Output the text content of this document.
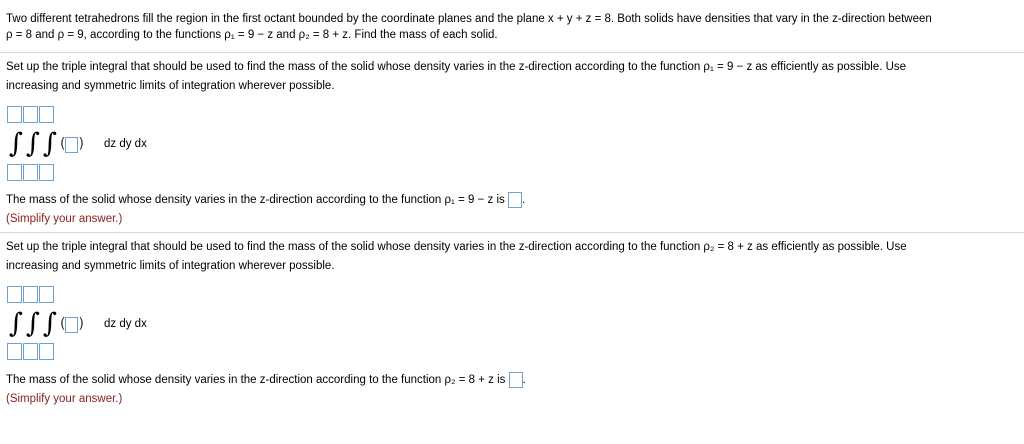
Two different tetrahedrons fill the region in the first octant bounded by the coordinate planes and the plane x + y + z = 8. Both solids have densities that vary in the z-direction between
ρ = 8 and ρ = 9, according to the functions ρ₁ = 9 − z and ρ₂ = 8 + z. Find the mass of each solid.
Set up the triple integral that should be used to find the mass of the solid whose density varies in the z-direction according to the function ρ₁ = 9 − z as efficiently as possible. Use
increasing and symmetric limits of integration wherever possible.
∫ ∫ ∫ ( ) dz dy dx
The mass of the solid whose density varies in the z-direction according to the function ρ₁ = 9 − z is .
(Simplify your answer.)
Set up the triple integral that should be used to find the mass of the solid whose density varies in the z-direction according to the function ρ₂ = 8 + z as efficiently as possible. Use
increasing and symmetric limits of integration wherever possible.
∫ ∫ ∫ ( ) dz dy dx
The mass of the solid whose density varies in the z-direction according to the function ρ₂ = 8 + z is .
(Simplify your answer.)
